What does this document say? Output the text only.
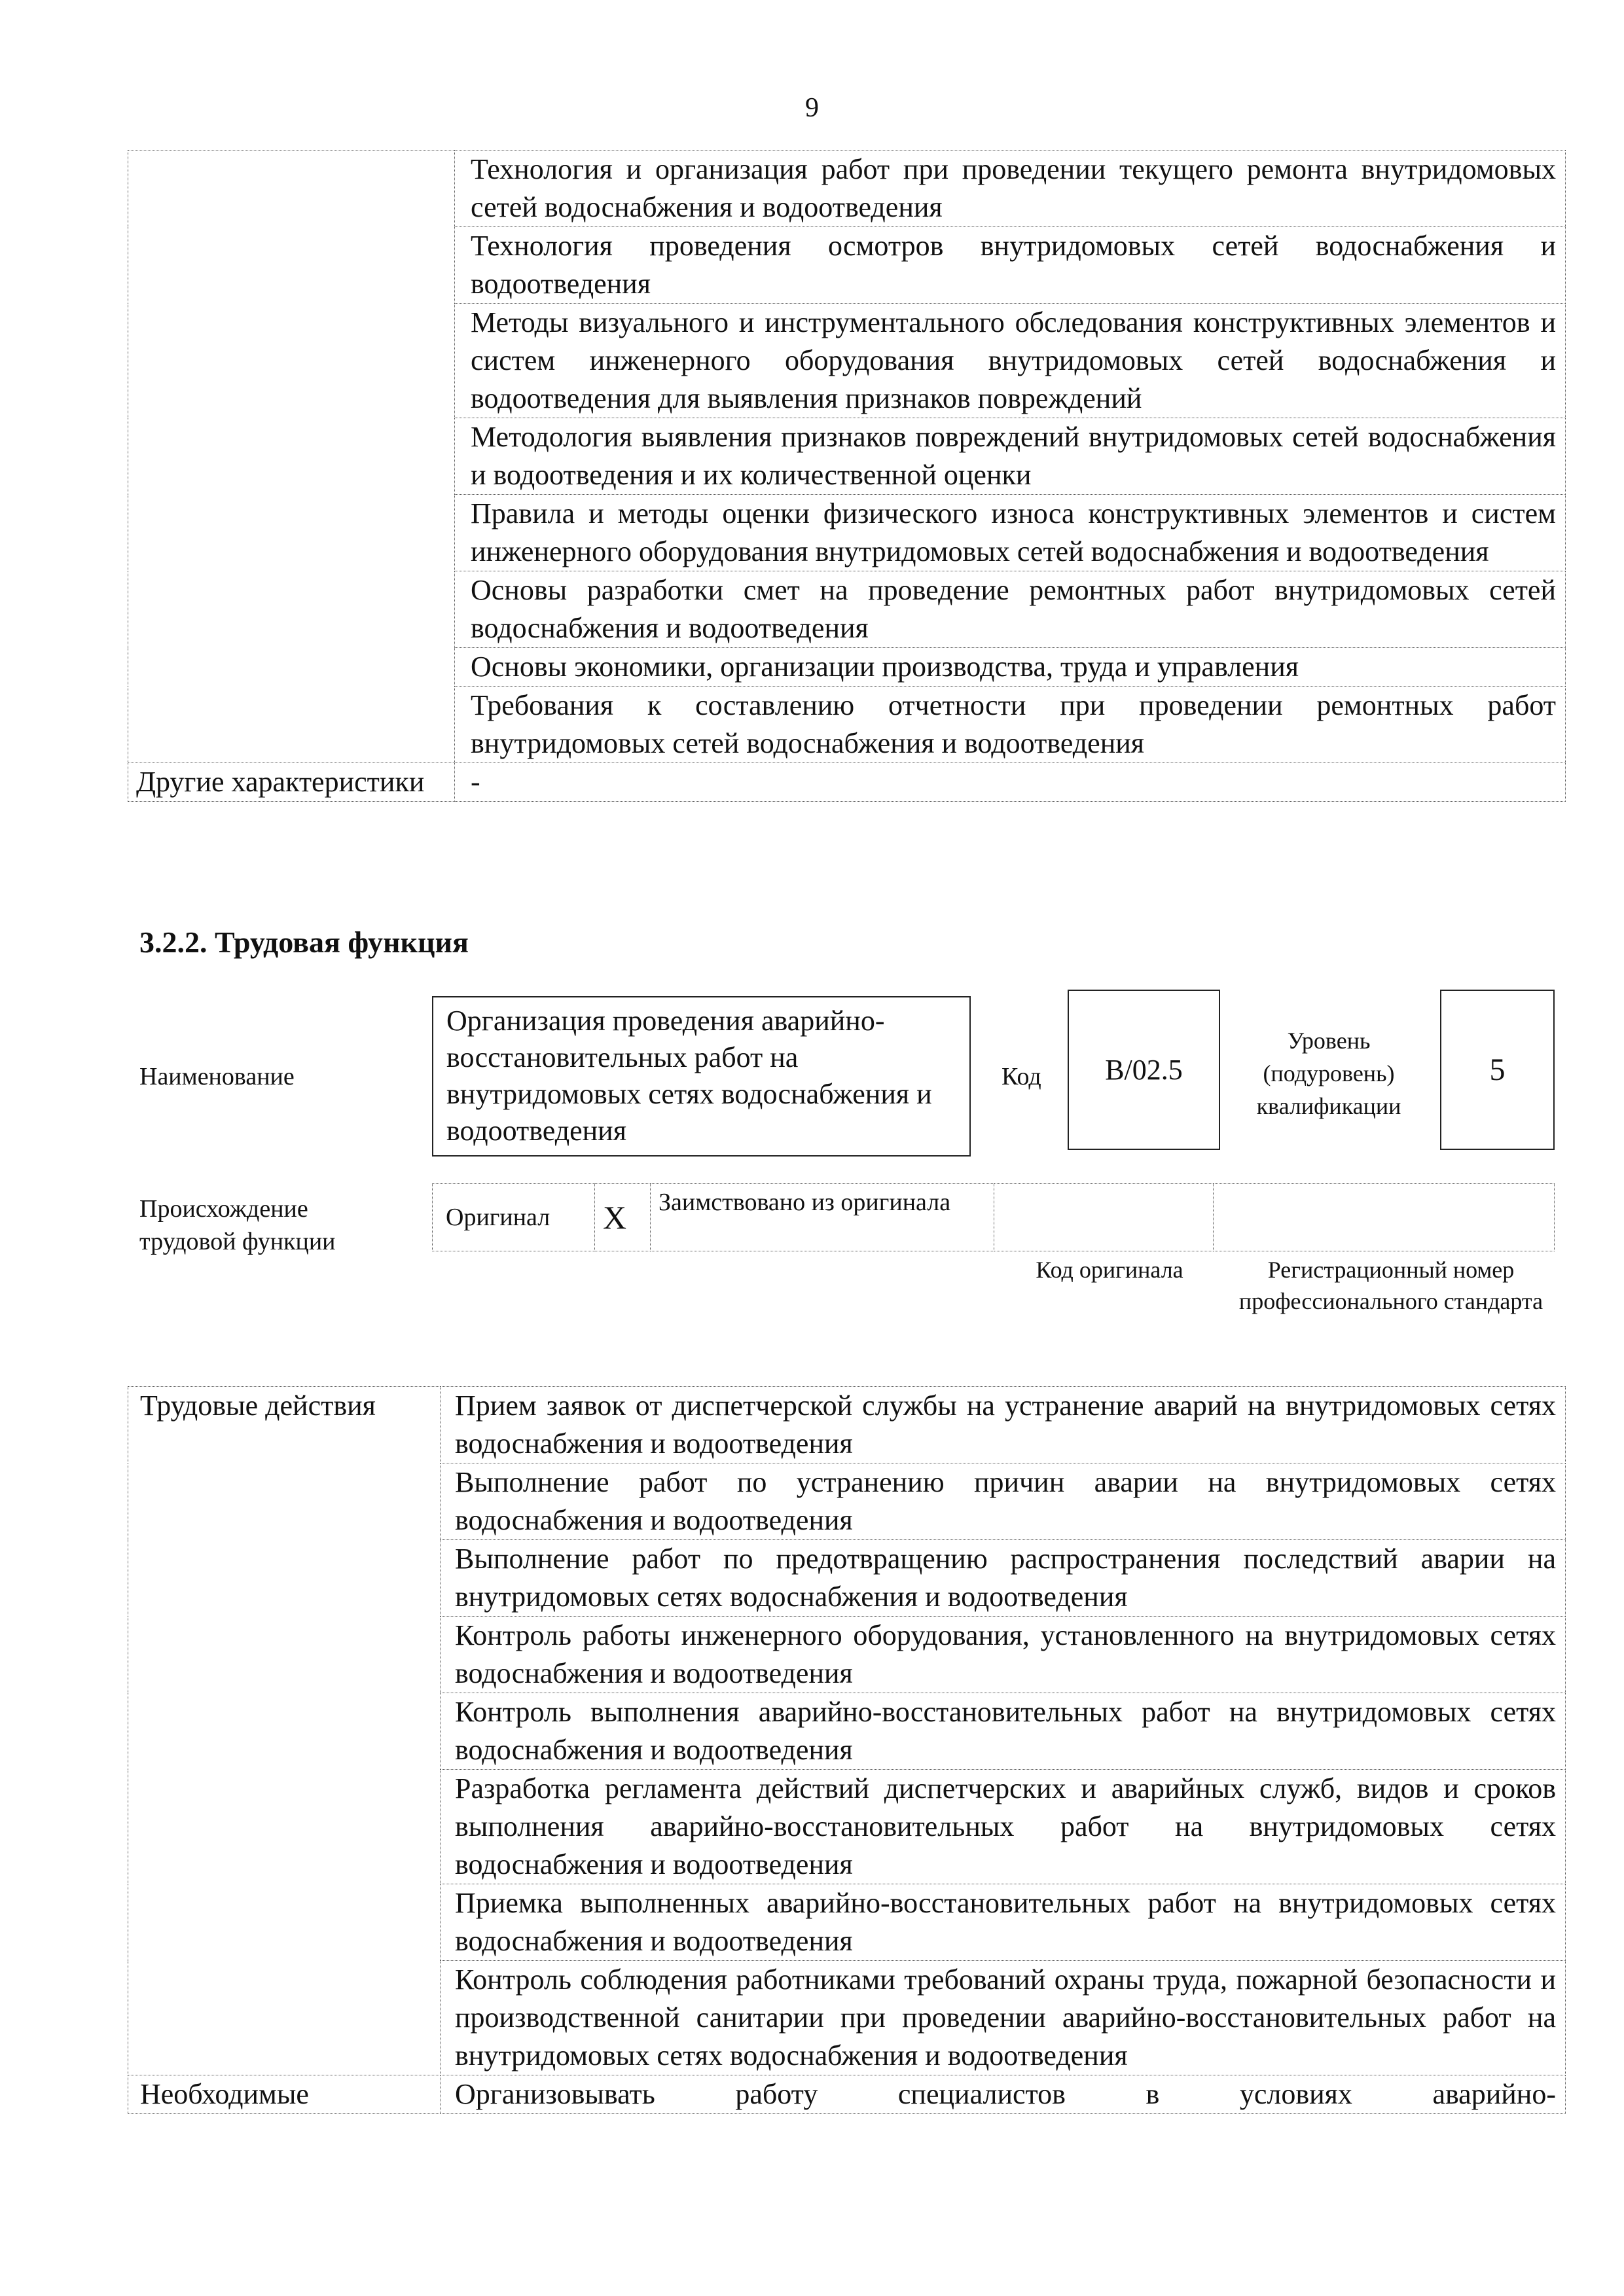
9
	Технология и организация работ при проведении текущего ремонта внутридомовых сетей водоснабжения и водоотведения
	Технология проведения осмотров внутридомовых сетей водоснабжения и водоотведения
	Методы визуального и инструментального обследования конструктивных элементов и систем инженерного оборудования внутридомовых сетей водоснабжения и водоотведения для выявления признаков повреждений
	Методология выявления признаков повреждений внутридомовых сетей водоснабжения и водоотведения и их количественной оценки
	Правила и методы оценки физического износа конструктивных элементов и систем инженерного оборудования внутридомовых сетей водоснабжения и водоотведения
	Основы разработки смет на проведение ремонтных работ внутридомовых сетей водоснабжения и водоотведения
	Основы экономики, организации производства, труда и управления
	Требования к составлению отчетности при проведении ремонтных работ внутридомовых сетей водоснабжения и водоотведения
Другие характеристики	-
3.2.2. Трудовая функция
Наименование
Организация проведения аварийно-восстановительных работ на внутридомовых сетях водоснабжения и водоотведения
Код	B/02.5
Уровень (подуровень) квалификации
5
Происхождение трудовой функции
Оригинал	X	Заимствовано из оригинала		
Код оригинала	Регистрационный номер профессионального стандарта
Трудовые действия	Прием заявок от диспетчерской службы на устранение аварий на внутридомовых сетях водоснабжения и водоотведения
	Выполнение работ по устранению причин аварии на внутридомовых сетях водоснабжения и водоотведения
	Выполнение работ по предотвращению распространения последствий аварии на внутридомовых сетях водоснабжения и водоотведения
	Контроль работы инженерного оборудования, установленного на внутридомовых сетях водоснабжения и водоотведения
	Контроль выполнения аварийно-восстановительных работ на внутридомовых сетях водоснабжения и водоотведения
	Разработка регламента действий диспетчерских и аварийных служб, видов и сроков выполнения аварийно-восстановительных работ на внутридомовых сетях водоснабжения и водоотведения
	Приемка выполненных аварийно-восстановительных работ на внутридомовых сетях водоснабжения и водоотведения
	Контроль соблюдения работниками требований охраны труда, пожарной безопасности и производственной санитарии при проведении аварийно-восстановительных работ на внутридомовых сетях водоснабжения и водоотведения
Необходимые	Организовывать работу специалистов в условиях аварийно-
